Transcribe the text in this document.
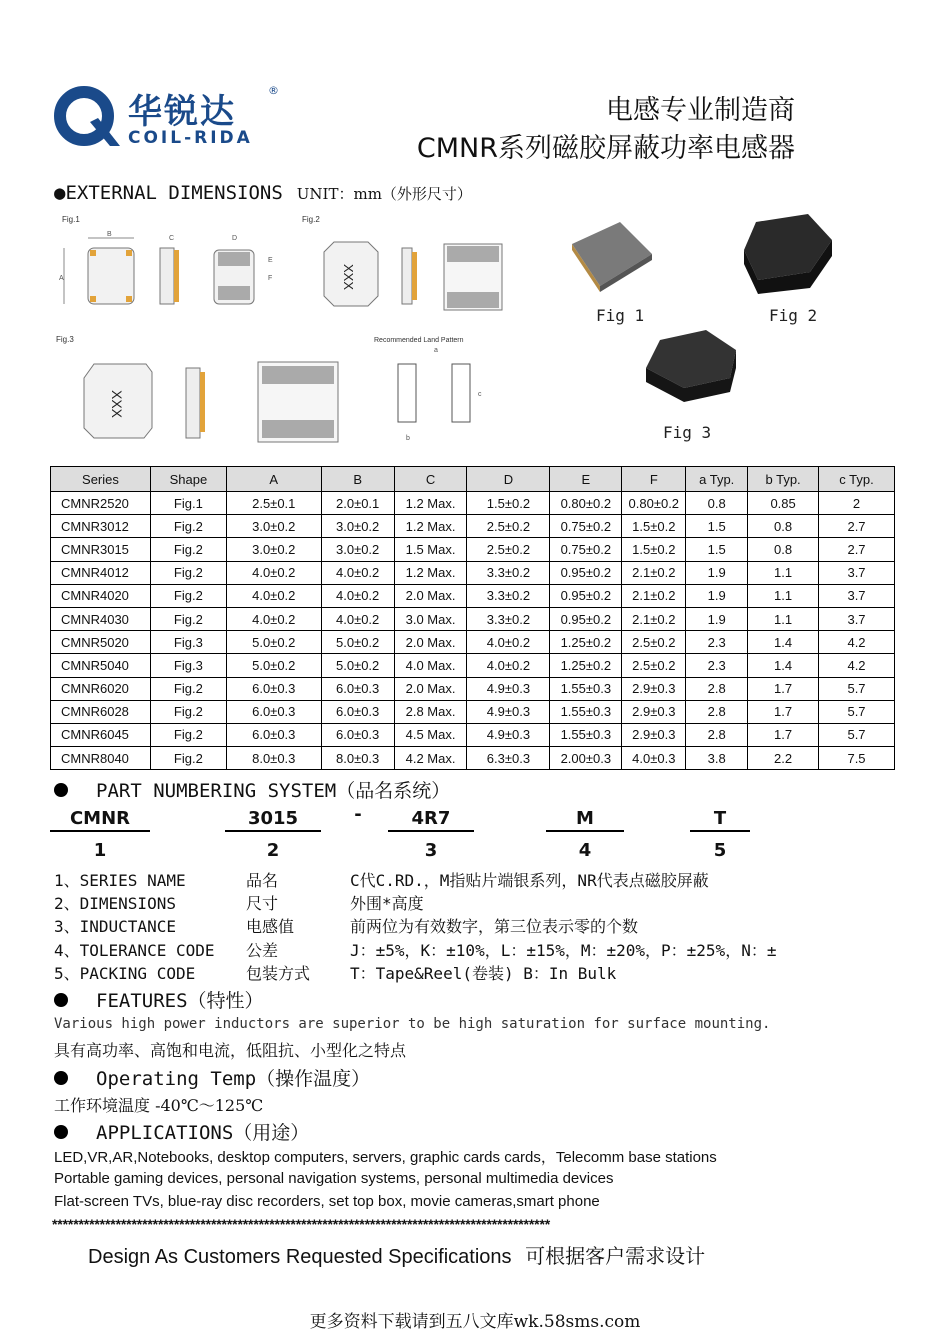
华锐达
®
COIL-RIDA
电感专业制造商
CMNR系列磁胶屏蔽功率电感器
●EXTERNAL DIMENSIONS UNIT：mm（外形尺寸）
Fig.1
A
B
C	D
E
F
Fig.2
XXX
Fig.3
XXX
Recommended Land Pattern
a
b
c
Fig 1	Fig 2
Fig 3
Series	Shape	A	B	C	D	E	F	a Typ.	b Typ.	c Typ.
CMNR2520	Fig.1	2.5±0.1	2.0±0.1	1.2 Max.	1.5±0.2	0.80±0.2	0.80±0.2	0.8	0.85	2
CMNR3012	Fig.2	3.0±0.2	3.0±0.2	1.2 Max.	2.5±0.2	0.75±0.2	1.5±0.2	1.5	0.8	2.7
CMNR3015	Fig.2	3.0±0.2	3.0±0.2	1.5 Max.	2.5±0.2	0.75±0.2	1.5±0.2	1.5	0.8	2.7
CMNR4012	Fig.2	4.0±0.2	4.0±0.2	1.2 Max.	3.3±0.2	0.95±0.2	2.1±0.2	1.9	1.1	3.7
CMNR4020	Fig.2	4.0±0.2	4.0±0.2	2.0 Max.	3.3±0.2	0.95±0.2	2.1±0.2	1.9	1.1	3.7
CMNR4030	Fig.2	4.0±0.2	4.0±0.2	3.0 Max.	3.3±0.2	0.95±0.2	2.1±0.2	1.9	1.1	3.7
CMNR5020	Fig.3	5.0±0.2	5.0±0.2	2.0 Max.	4.0±0.2	1.25±0.2	2.5±0.2	2.3	1.4	4.2
CMNR5040	Fig.3	5.0±0.2	5.0±0.2	4.0 Max.	4.0±0.2	1.25±0.2	2.5±0.2	2.3	1.4	4.2
CMNR6020	Fig.2	6.0±0.3	6.0±0.3	2.0 Max.	4.9±0.3	1.55±0.3	2.9±0.3	2.8	1.7	5.7
CMNR6028	Fig.2	6.0±0.3	6.0±0.3	2.8 Max.	4.9±0.3	1.55±0.3	2.9±0.3	2.8	1.7	5.7
CMNR6045	Fig.2	6.0±0.3	6.0±0.3	4.5 Max.	4.9±0.3	1.55±0.3	2.9±0.3	2.8	1.7	5.7
CMNR8040	Fig.2	8.0±0.3	8.0±0.3	4.2 Max.	6.3±0.3	2.00±0.3	4.0±0.3	3.8	2.2	7.5
PART NUMBERING SYSTEM（品名系统）
CMNR	3015	-	4R7	M	T
1	2	3	4	5
1、SERIES NAME	品名	C代C.RD.，M指贴片端银系列，NR代表点磁胶屏蔽
2、DIMENSIONS	尺寸	外围*高度
3、INDUCTANCE	电感值	前两位为有效数字，第三位表示零的个数
4、TOLERANCE CODE 公差	J：±5%，K：±10%，L：±15%，M：±20%，P：±25%，N：±
5、PACKING CODE	包装方式 T：Tape&Reel(卷装) B：In Bulk
FEATURES（特性）
Various high power inductors are superior to be high saturation for surface mounting.
具有高功率、高饱和电流，低阻抗、小型化之特点
Operating Temp（操作温度）
工作环境温度 -40℃～125℃
APPLICATIONS（用途）
LED,VR,AR,Notebooks, desktop computers, servers, graphic cards cards，Telecomm base stations
Portable gaming devices, personal navigation systems, personal multimedia devices
Flat-screen TVs, blue-ray disc recorders, set top box, movie cameras,smart phone
**********************************************************************************************
Design As Customers Requested Specifications 可根据客户需求设计
更多资料下载请到五八文库wk.58sms.com
